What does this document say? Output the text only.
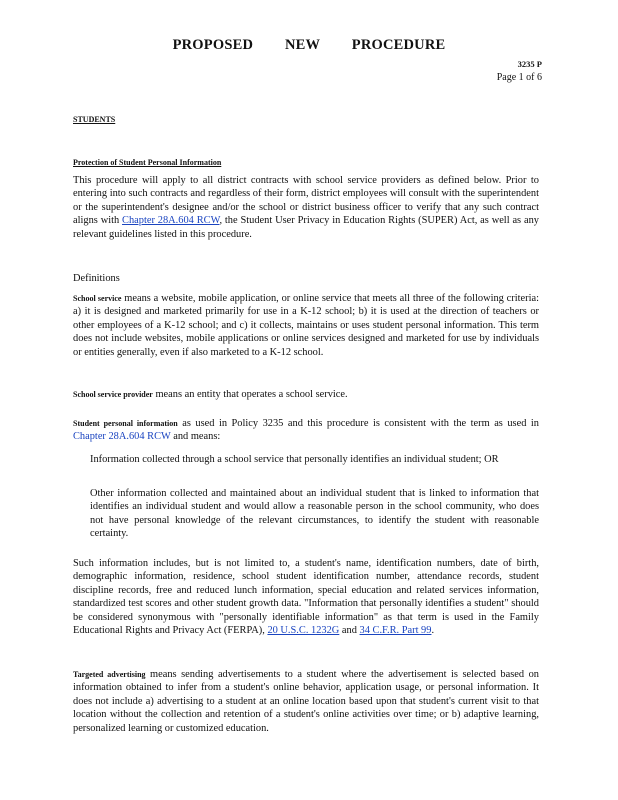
PROPOSED NEW PROCEDURE
3235 P
Page 1 of 6

STUDENTS

Protection of Student Personal Information

This procedure will apply to all district contracts with school service providers as defined below. Prior to entering into such contracts and regardless of their form, district employees will consult with the superintendent or the superintendent's designee and/or the school or district business officer to verify that any such contract aligns with Chapter 28A.604 RCW, the Student User Privacy in Education Rights (SUPER) Act, as well as any relevant guidelines listed in this procedure.

Definitions

School service means a website, mobile application, or online service that meets all three of the following criteria: a) it is designed and marketed primarily for use in a K-12 school; b) it is used at the direction of teachers or other employees of a K-12 school; and c) it collects, maintains or uses student personal information. This term does not include websites, mobile applications or online services designed and marketed for use by individuals or entities generally, even if also marketed to a K-12 school.

School service provider means an entity that operates a school service.

Student personal information as used in Policy 3235 and this procedure is consistent with the term as used in Chapter 28A.604 RCW and means:

Information collected through a school service that personally identifies an individual student; OR
Other information collected and maintained about an individual student that is linked to information that identifies an individual student and would allow a reasonable person in the school community, who does not have personal knowledge of the relevant circumstances, to identify the student with reasonable certainty.

Such information includes, but is not limited to, a student's name, identification numbers, date of birth, demographic information, residence, school student identification number, attendance records, student discipline records, free and reduced lunch information, special education and related services information, standardized test scores and other student growth data. "Information that personally identifies a student" should be considered synonymous with "personally identifiable information" as that term is used in the Family Educational Rights and Privacy Act (FERPA), 20 U.S.C. 1232G and 34 C.F.R. Part 99.

Targeted advertising means sending advertisements to a student where the advertisement is selected based on information obtained to infer from a student's online behavior, application usage, or personal information. It does not include a) advertising to a student at an online location based upon that student's current visit to that location without the collection and retention of a student's online activities over time; or b) adaptive learning, personalized learning or customized education.
